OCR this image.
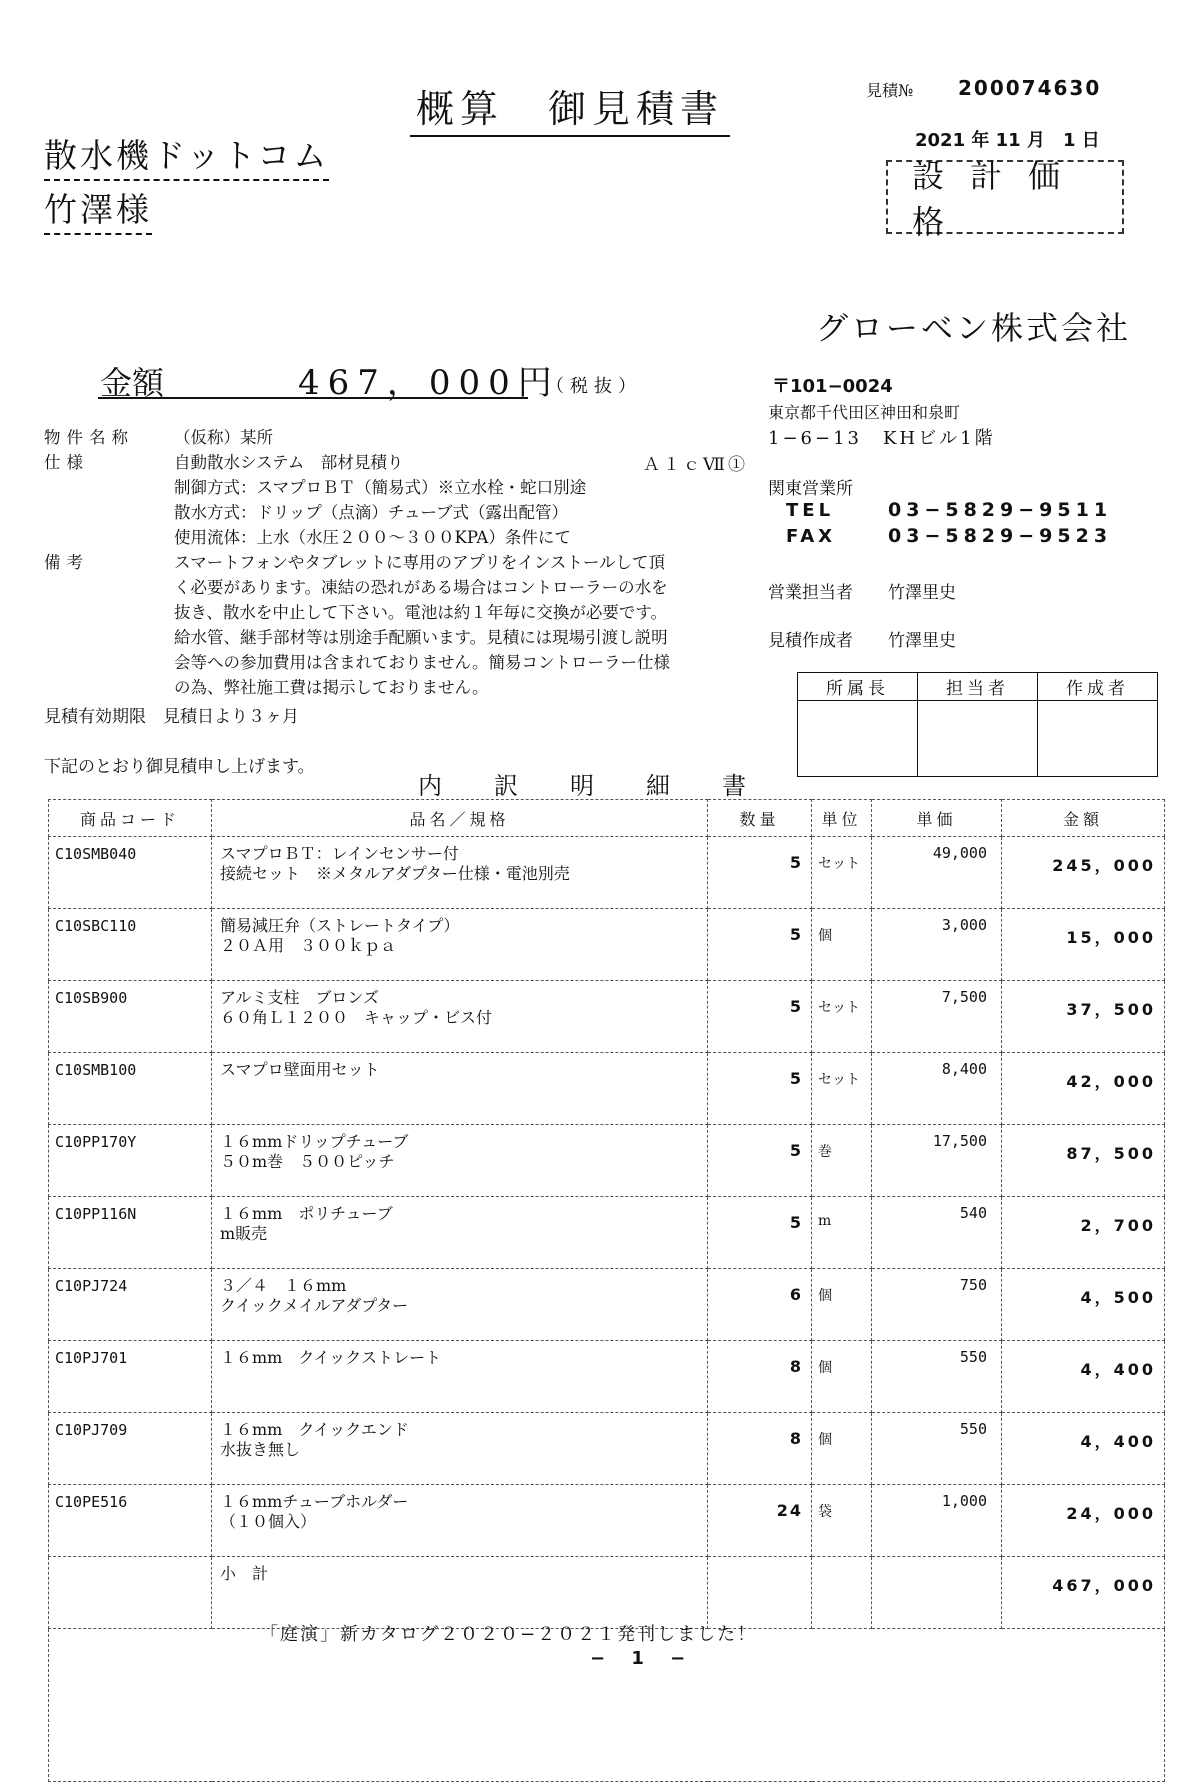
概算　御見積書	見積№ 200074630
2021 年 11 月　1 日
散水機ドットコム
竹澤様
設計価格
グローベン株式会社
金額	467，000円
（税抜）	〒101−0024
東京都千代田区神田和泉町
1−6−13　KHビル1階
関東営業所
TEL	03−5829−9511
FAX	03−5829−9523
営業担当者 竹澤里史
見積作成者 竹澤里史
所属長	担当者	作成者

物件名称	（仮称）某所
仕様	自動散水システム　部材見積り
制御方式：スマプロＢＴ（簡易式）※立水栓・蛇口別途
散水方式：ドリップ（点滴）チューブ式（露出配管）
使用流体：上水（水圧２００〜３００KPA）条件にて
備考	スマートフォンやタブレットに専用のアプリをインストールして頂
く必要があります。凍結の恐れがある場合はコントローラーの水を
抜き、散水を中止して下さい。電池は約１年毎に交換が必要です。
給水管、継手部材等は別途手配願います。見積には現場引渡し説明
会等への参加費用は含まれておりません。簡易コントローラー仕様
の為、弊社施工費は掲示しておりません。
Ａ１ｃⅦ①
見積有効期限　見積日より３ヶ月
下記のとおり御見積申し上げます。
内訳明細書
商品コード	品名／規格	数量	単位	単価	金額
C10SMB040	スマプロＢＴ：レインセンサー付
接続セット　※メタルアダプター仕様・電池別売	5	セット	49,000	245，000
C10SBC110	簡易減圧弁（ストレートタイプ）
２０Ａ用　３００ｋｐａ	5	個	3,000	15，000
C10SB900	アルミ支柱　ブロンズ
６０角Ｌ１２００　キャップ・ビス付	5	セット	7,500	37，500
C10SMB100	スマプロ壁面用セット	5	セット	8,400	42，000
C10PP170Y	１６mmドリップチューブ
５０m巻　５００ピッチ	5	巻	17,500	87，500
C10PP116N	１６mm　ポリチューブ
m販売	5	m	540	2，700
C10PJ724	３／４　１６mm
クイックメイルアダプター	6	個	750	4，500
C10PJ701	１６mm　クイックストレート	8	個	550	4，400
C10PJ709	１６mm　クイックエンド
水抜き無し	8	個	550	4，400
C10PE516	１６mmチューブホルダー
（１０個入）	24	袋	1,000	24，000
	小　計				467，000

「庭演」新カタログ２０２０−２０２１発刊しました！
− 1 −
